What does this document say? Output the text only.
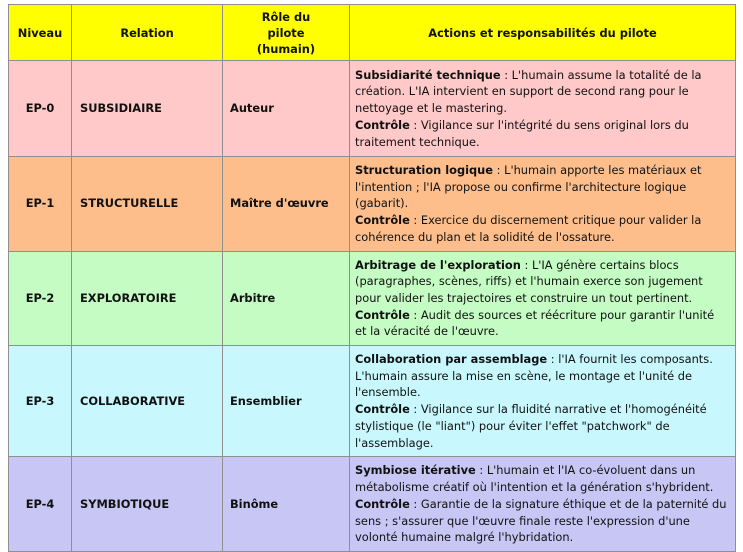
Niveau	Relation	Rôle du pilote (humain)	Actions et responsabilités du pilote
EP-0	SUBSIDIAIRE	Auteur	Subsidiarité technique : L'humain assume la totalité de la création. L'IA intervient en support de second rang pour le nettoyage et le mastering.
Contrôle : Vigilance sur l'intégrité du sens original lors du traitement technique.

EP-1	STRUCTURELLE	Maître d'œuvre	Structuration logique : L'humain apporte les matériaux et l'intention ; l'IA propose ou confirme l'architecture logique (gabarit).
Contrôle : Exercice du discernement critique pour valider la cohérence du plan et la solidité de l'ossature.

EP-2	EXPLORATOIRE	Arbitre	Arbitrage de l'exploration : L'IA génère certains blocs (paragraphes, scènes, riffs) et l'humain exerce son jugement pour valider les trajectoires et construire un tout pertinent.
Contrôle : Audit des sources et réécriture pour garantir l'unité et la véracité de l'œuvre.

EP-3	COLLABORATIVE	Ensemblier	Collaboration par assemblage : l'IA fournit les composants. L'humain assure la mise en scène, le montage et l'unité de l'ensemble.
Contrôle : Vigilance sur la fluidité narrative et l'homogénéité stylistique (le "liant") pour éviter l'effet "patchwork" de l'assemblage.

EP-4	SYMBIOTIQUE	Binôme	Symbiose itérative : L'humain et l'IA co-évoluent dans un métabolisme créatif où l'intention et la génération s'hybrident.
Contrôle : Garantie de la signature éthique et de la paternité du sens ; s'assurer que l'œuvre finale reste l'expression d'une volonté humaine malgré l'hybridation.
